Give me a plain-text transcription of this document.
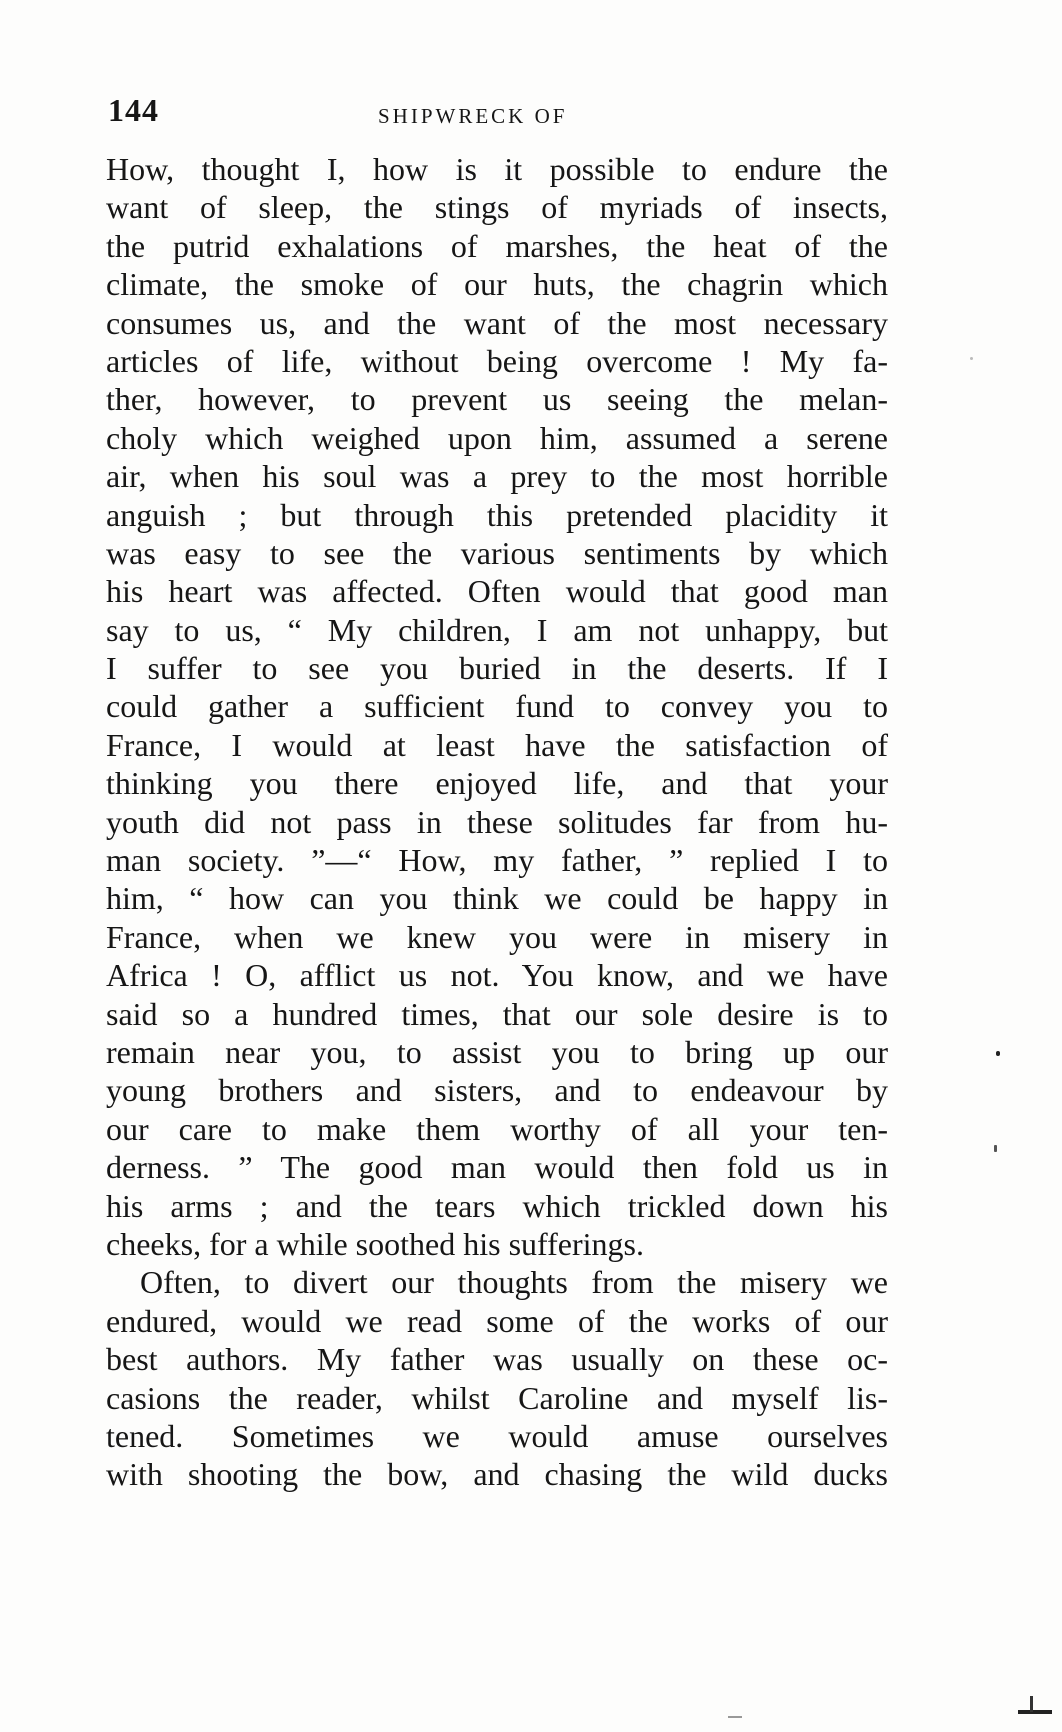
144	SHIPWRECK OF
How, thought I, how is it possible to endure the
want of sleep, the stings of myriads of insects,
the putrid exhalations of marshes, the heat of the
climate, the smoke of our huts, the chagrin which
consumes us, and the want of the most necessary
articles of life, without being overcome ! My fa-
ther, however, to prevent us seeing the melan-
choly which weighed upon him, assumed a serene
air, when his soul was a prey to the most horrible
anguish ; but through this pretended placidity it
was easy to see the various sentiments by which
his heart was affected. Often would that good man
say to us, “ My children, I am not unhappy, but
I suffer to see you buried in the deserts. If I
could gather a sufficient fund to convey you to
France, I would at least have the satisfaction of
thinking you there enjoyed life, and that your
youth did not pass in these solitudes far from hu-
man society. ”—“ How, my father, ” replied I to
him, “ how can you think we could be happy in
France, when we knew you were in misery in
Africa ! O, afflict us not. You know, and we have
said so a hundred times, that our sole desire is to
remain near you, to assist you to bring up our
young brothers and sisters, and to endeavour by
our care to make them worthy of all your ten-
derness. ” The good man would then fold us in
his arms ; and the tears which trickled down his
cheeks, for a while soothed his sufferings.
Often, to divert our thoughts from the misery we
endured, would we read some of the works of our
best authors. My father was usually on these oc-
casions the reader, whilst Caroline and myself lis-
tened. Sometimes we would amuse ourselves
with shooting the bow, and chasing the wild ducks
